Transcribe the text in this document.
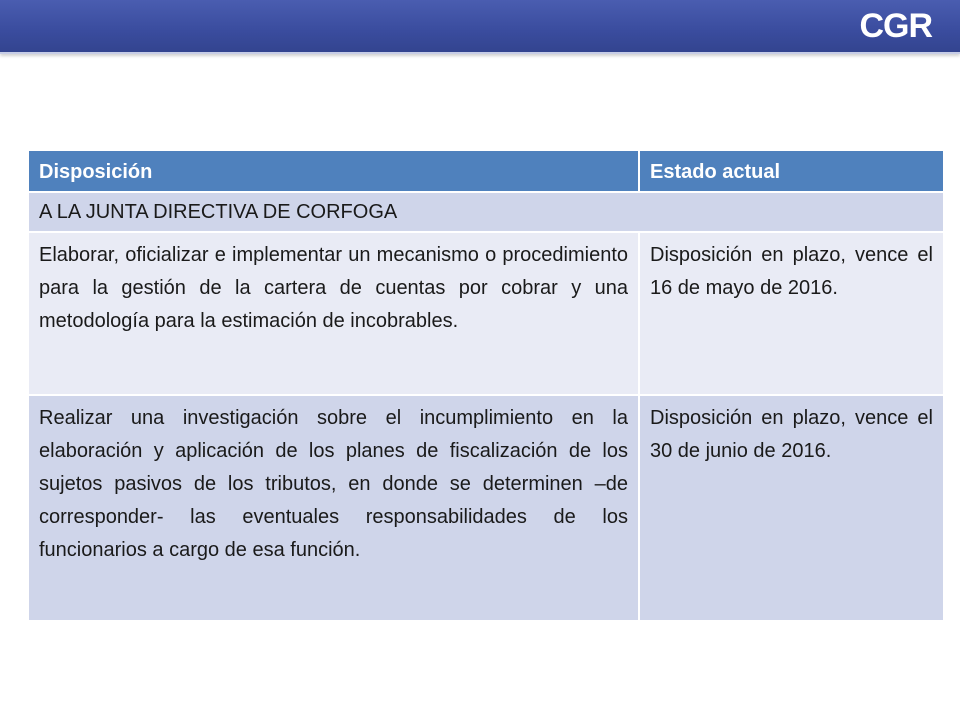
CGR
Disposición	Estado actual
A LA JUNTA DIRECTIVA DE CORFOGA	
Elaborar, oficializar e implementar un mecanismo o procedimiento para la gestión de la cartera de cuentas por cobrar y una metodología para la estimación de incobrables.	Disposición en plazo, vence el 16 de mayo de 2016.
Realizar una investigación sobre el incumplimiento en la elaboración y aplicación de los planes de fiscalización de los sujetos pasivos de los tributos, en donde se determinen –de corresponder- las eventuales responsabilidades de los funcionarios a cargo de esa función.	Disposición en plazo, vence el 30 de junio de 2016.
